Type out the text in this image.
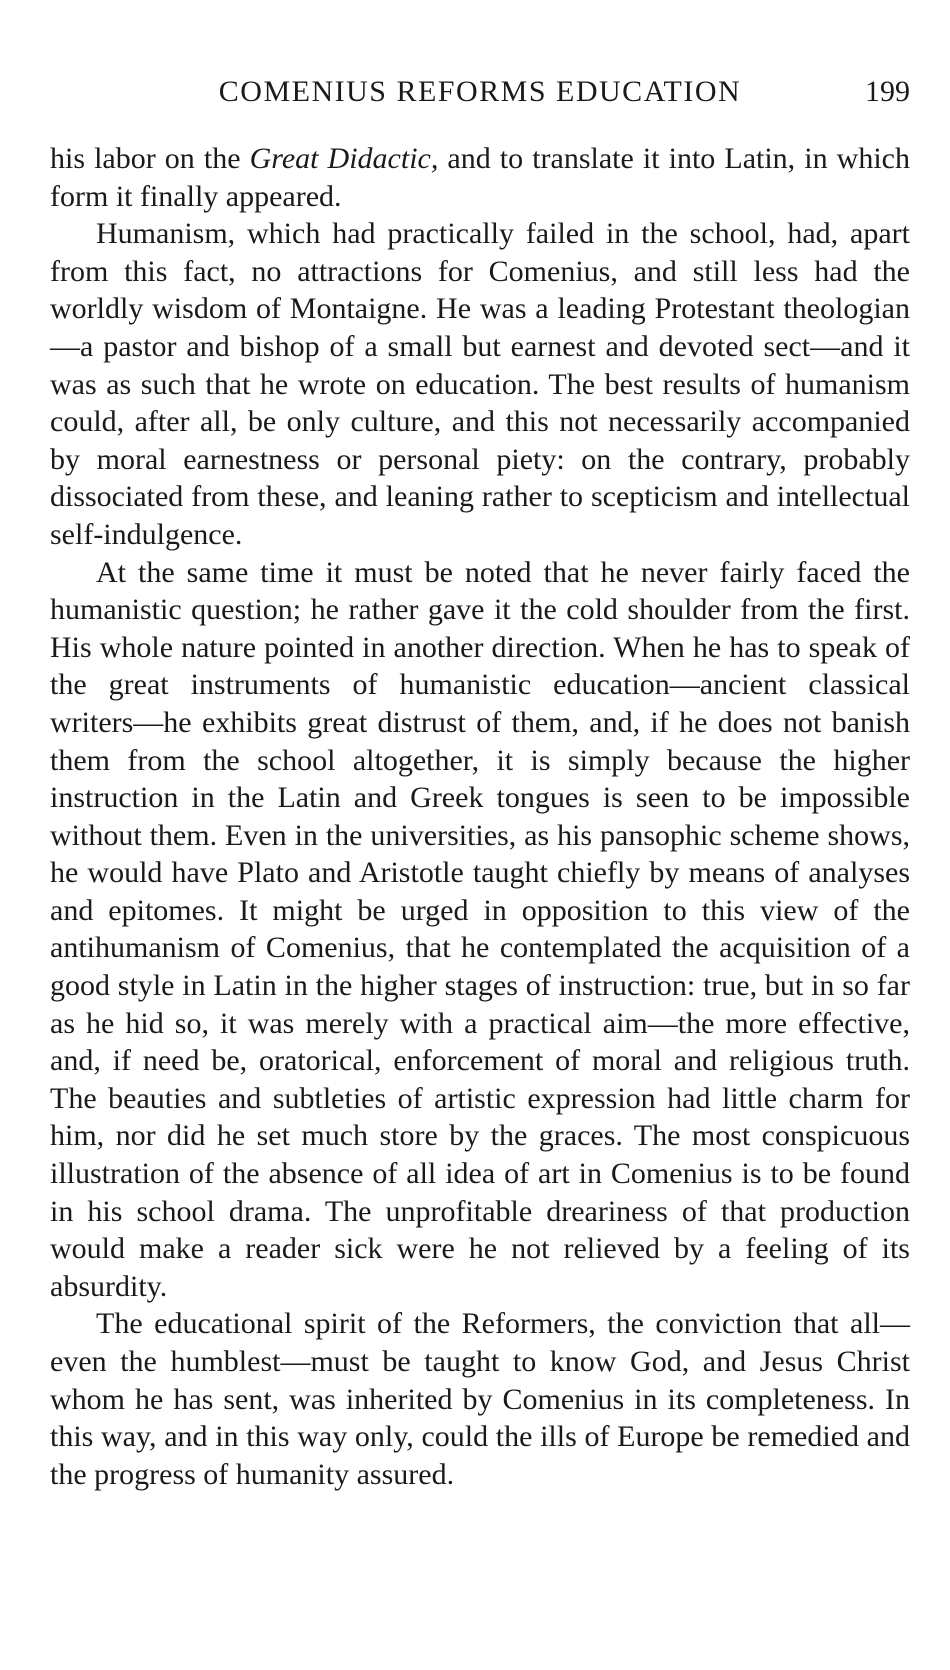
COMENIUS REFORMS EDUCATION	199

his labor on the Great Didactic, and to translate it into Latin, in which form it finally appeared.

Humanism, which had practically failed in the school, had, apart from this fact, no attractions for Comenius, and still less had the worldly wisdom of Montaigne. He was a leading Protestant theologian—a pastor and bishop of a small but earnest and devoted sect—and it was as such that he wrote on education. The best results of humanism could, after all, be only culture, and this not necessarily accompanied by moral earnestness or personal piety: on the contrary, probably dissociated from these, and leaning rather to scepticism and intellectual self-indulgence.

At the same time it must be noted that he never fairly faced the humanistic question; he rather gave it the cold shoulder from the first. His whole nature pointed in another direction. When he has to speak of the great instruments of humanistic education—ancient classical writers—he exhibits great distrust of them, and, if he does not banish them from the school altogether, it is simply because the higher instruction in the Latin and Greek tongues is seen to be impossible without them. Even in the universities, as his pansophic scheme shows, he would have Plato and Aristotle taught chiefly by means of analyses and epitomes. It might be urged in opposition to this view of the antihumanism of Comenius, that he contemplated the acquisition of a good style in Latin in the higher stages of instruction: true, but in so far as he hid so, it was merely with a practical aim—the more effective, and, if need be, oratorical, enforcement of moral and religious truth. The beauties and subtleties of artistic expression had little charm for him, nor did he set much store by the graces. The most conspicuous illustration of the absence of all idea of art in Comenius is to be found in his school drama. The unprofitable dreariness of that production would make a reader sick were he not relieved by a feeling of its absurdity.

The educational spirit of the Reformers, the conviction that all—even the humblest—must be taught to know God, and Jesus Christ whom he has sent, was inherited by Comenius in its completeness. In this way, and in this way only, could the ills of Europe be remedied and the progress of humanity assured.
